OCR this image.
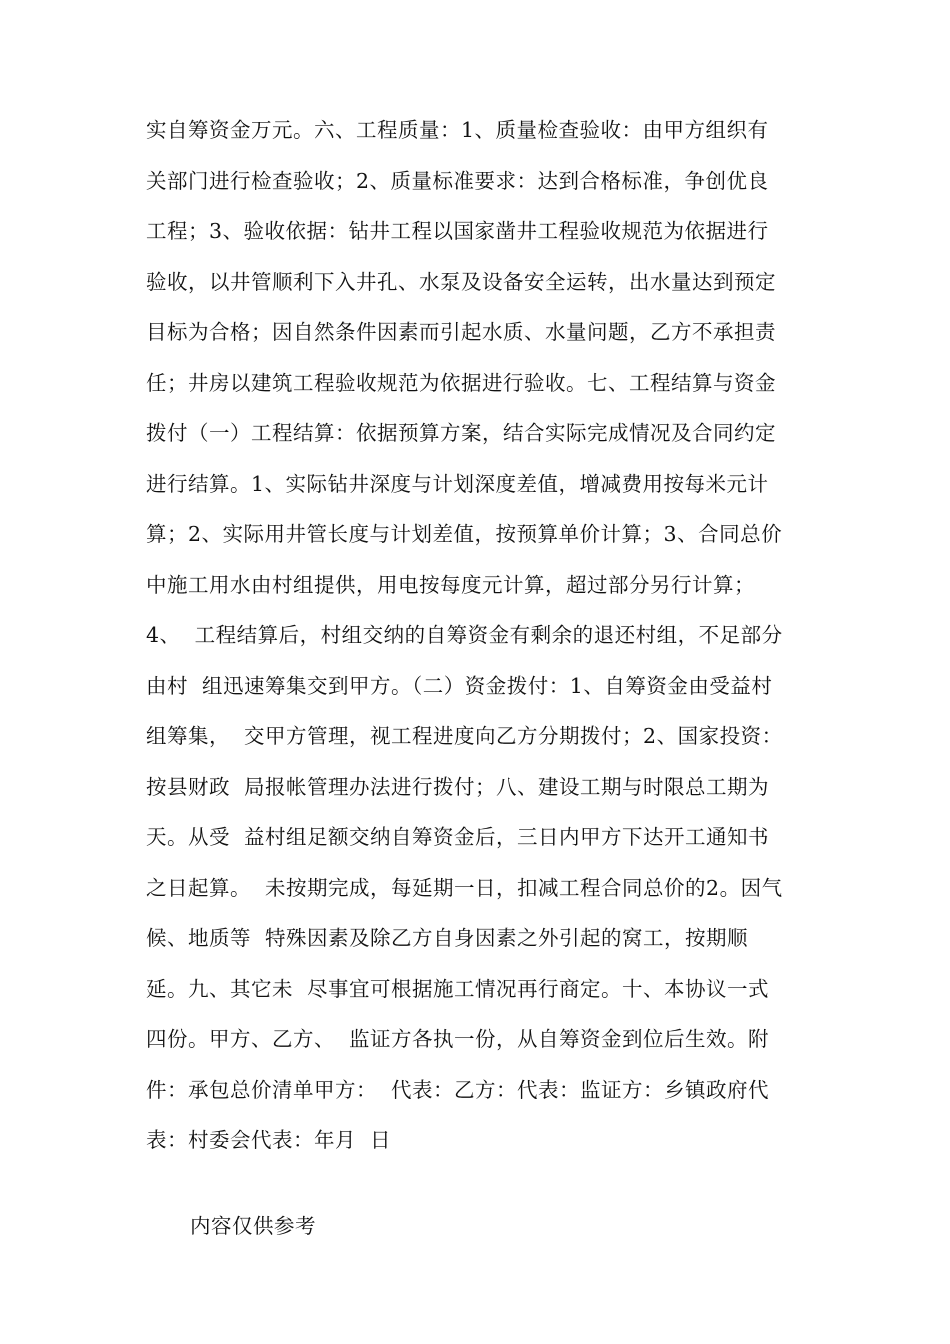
实自筹资金万元。六、工程质量：1、质量检查验收：由甲方组织有
关部门进行检查验收；2、质量标准要求：达到合格标准，争创优良
工程；3、验收依据：钻井工程以国家凿井工程验收规范为依据进行
验收，以井管顺利下入井孔、水泵及设备安全运转，出水量达到预定
目标为合格；因自然条件因素而引起水质、水量问题，乙方不承担责
任；井房以建筑工程验收规范为依据进行验收。七、工程结算与资金
拨付（一）工程结算：依据预算方案，结合实际完成情况及合同约定
进行结算。1、实际钻井深度与计划深度差值，增减费用按每米元计
算；2、实际用井管长度与计划差值，按预算单价计算；3、合同总价
中施工用水由村组提供，用电按每度元计算，超过部分另行计算；
4、  工程结算后，村组交纳的自筹资金有剩余的退还村组，不足部分
由村  组迅速筹集交到甲方。（二）资金拨付：1、自筹资金由受益村
组筹集，  交甲方管理，视工程进度向乙方分期拨付；2、国家投资：
按县财政  局报帐管理办法进行拨付；八、建设工期与时限总工期为
天。从受  益村组足额交纳自筹资金后，三日内甲方下达开工通知书
之日起算。  未按期完成，每延期一日，扣减工程合同总价的2。因气
候、地质等  特殊因素及除乙方自身因素之外引起的窝工，按期顺
延。九、其它未  尽事宜可根据施工情况再行商定。十、本协议一式
四份。甲方、乙方、  监证方各执一份，从自筹资金到位后生效。附
件：承包总价清单甲方：  代表：乙方：代表：监证方：乡镇政府代
表：村委会代表：年月  日
内容仅供参考
